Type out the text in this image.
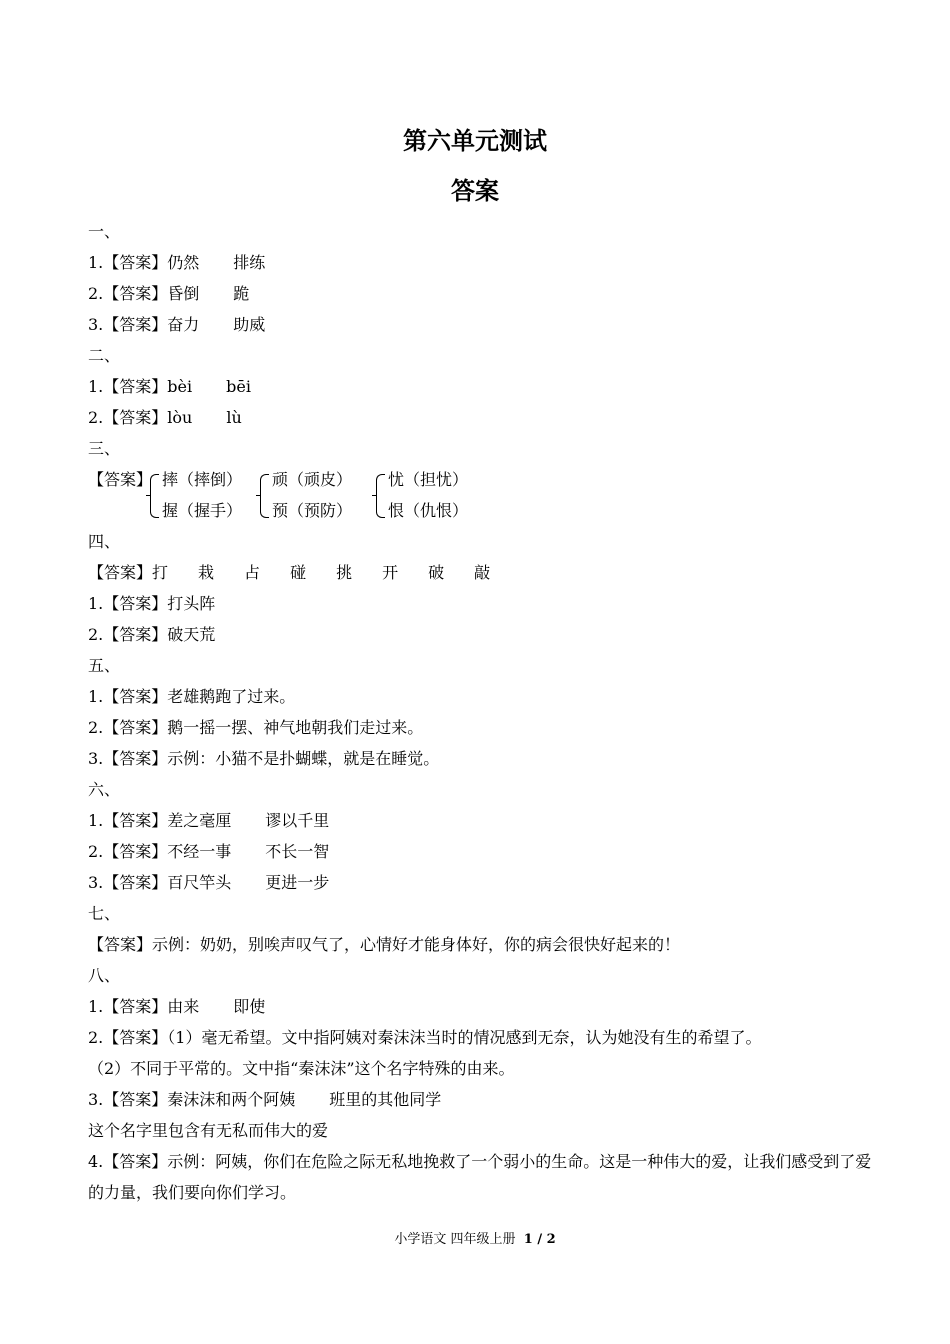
第六单元测试
答案
一、
1.【答案】仍然 排练
2.【答案】昏倒 跪
3.【答案】奋力 助威
二、
1.【答案】bèi bēi
2.【答案】lòu lù
三、
【答案】 摔（摔倒）
握（握手）
顽（顽皮）
预（预防）
忧（担忧）
恨（仇恨）
四、
【答案】打 栽 占 碰 挑 开 破 敲
1.【答案】打头阵
2.【答案】破天荒
五、
1.【答案】老雄鹅跑了过来。
2.【答案】鹅一摇一摆、神气地朝我们走过来。
3.【答案】示例：小猫不是扑蝴蝶，就是在睡觉。
六、
1.【答案】差之毫厘 谬以千里
2.【答案】不经一事 不长一智
3.【答案】百尺竿头 更进一步
七、
【答案】示例：奶奶，别唉声叹气了，心情好才能身体好，你的病会很快好起来的！
八、
1.【答案】由来 即使
2.【答案】（1）毫无希望。文中指阿姨对秦沫沫当时的情况感到无奈，认为她没有生的希望了。
（2）不同于平常的。文中指“秦沫沫”这个名字特殊的由来。
3.【答案】秦沫沫和两个阿姨 班里的其他同学
这个名字里包含有无私而伟大的爱
4.【答案】示例：阿姨，你们在危险之际无私地挽救了一个弱小的生命。这是一种伟大的爱，让我们感受到了爱的力量，我们要向你们学习。
小学语文 四年级上册 1 / 2
